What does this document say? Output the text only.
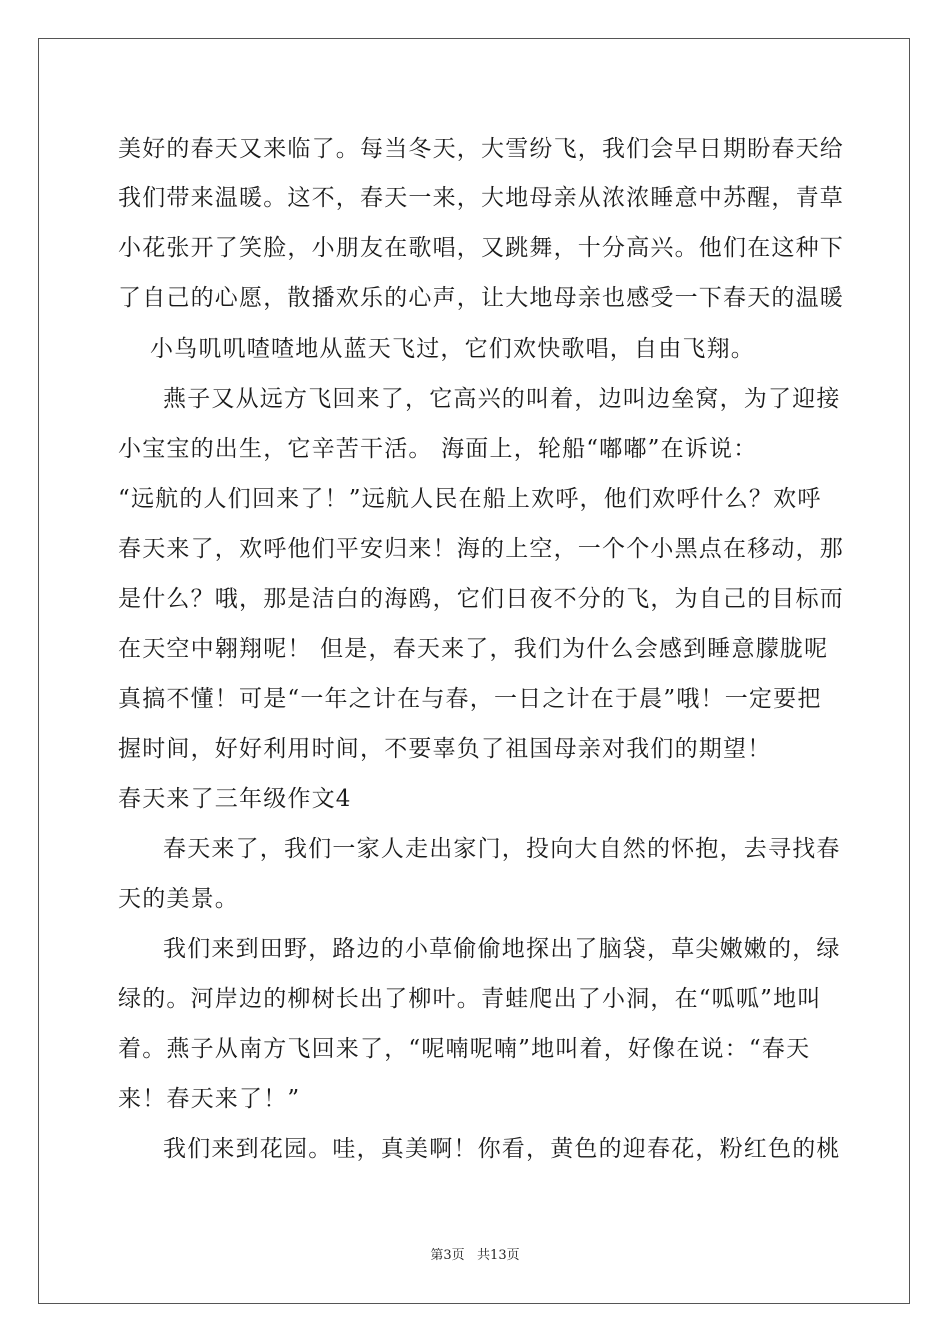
美好的春天又来临了。每当冬天，大雪纷飞，我们会早日期盼春天给
我们带来温暖。这不，春天一来，大地母亲从浓浓睡意中苏醒，青草
小花张开了笑脸，小朋友在歌唱，又跳舞，十分高兴。他们在这种下
了自己的心愿，散播欢乐的心声，让大地母亲也感受一下春天的温暖
小鸟叽叽喳喳地从蓝天飞过，它们欢快歌唱，自由飞翔。
燕子又从远方飞回来了，它高兴的叫着，边叫边垒窝，为了迎接
小宝宝的出生，它辛苦干活。 海面上，轮船“嘟嘟”在诉说：
“远航的人们回来了！”远航人民在船上欢呼，他们欢呼什么？欢呼
春天来了，欢呼他们平安归来！海的上空，一个个小黑点在移动，那
是什么？哦，那是洁白的海鸥，它们日夜不分的飞，为自己的目标而
在天空中翱翔呢！ 但是，春天来了，我们为什么会感到睡意朦胧呢
真搞不懂！可是“一年之计在与春，一日之计在于晨”哦！一定要把
握时间，好好利用时间，不要辜负了祖国母亲对我们的期望！
春天来了三年级作文4
春天来了，我们一家人走出家门，投向大自然的怀抱，去寻找春
天的美景。
我们来到田野，路边的小草偷偷地探出了脑袋，草尖嫩嫩的，绿
绿的。河岸边的柳树长出了柳叶。青蛙爬出了小洞，在“呱呱”地叫
着。燕子从南方飞回来了，“呢喃呢喃”地叫着，好像在说：“春天
来！春天来了！”
我们来到花园。哇，真美啊！你看，黄色的迎春花，粉红色的桃
第3页   共13页
